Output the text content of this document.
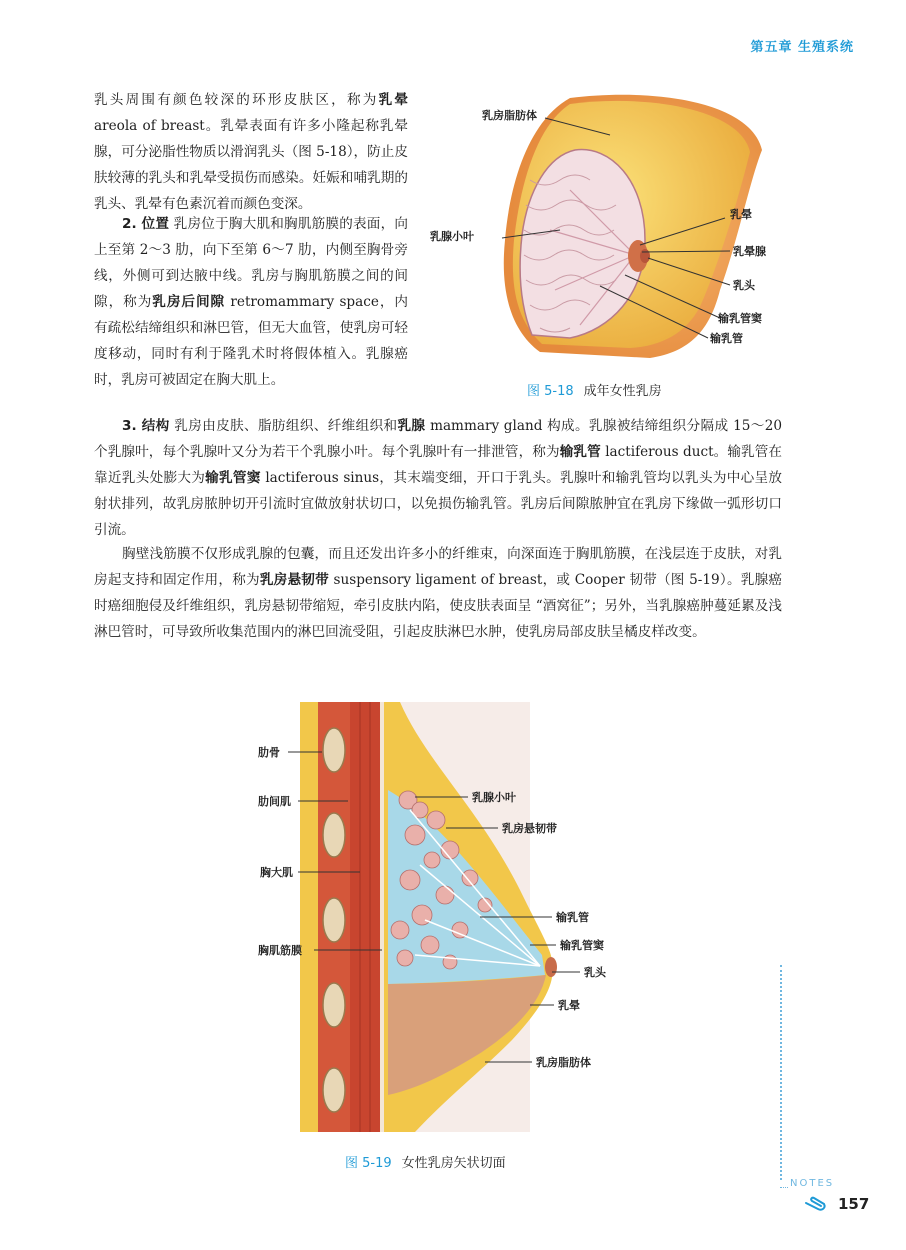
第五章 生殖系统

乳头周围有颜色较深的环形皮肤区，称为乳晕 areola of breast。乳晕表面有许多小隆起称乳晕腺，可分泌脂性物质以滑润乳头（图 5-18），防止皮肤较薄的乳头和乳晕受损伤而感染。妊娠和哺乳期的乳头、乳晕有色素沉着而颜色变深。

2. 位置 乳房位于胸大肌和胸肌筋膜的表面，向上至第 2～3 肋，向下至第 6～7 肋，内侧至胸骨旁线，外侧可到达腋中线。乳房与胸肌筋膜之间的间隙，称为乳房后间隙 retromammary space，内有疏松结缔组织和淋巴管，但无大血管，使乳房可轻度移动，同时有利于隆乳术时将假体植入。乳腺癌时，乳房可被固定在胸大肌上。

3. 结构 乳房由皮肤、脂肪组织、纤维组织和乳腺 mammary gland 构成。乳腺被结缔组织分隔成 15～20 个乳腺叶，每个乳腺叶又分为若干个乳腺小叶。每个乳腺叶有一排泄管，称为输乳管 lactiferous duct。输乳管在靠近乳头处膨大为输乳管窦 lactiferous sinus，其末端变细，开口于乳头。乳腺叶和输乳管均以乳头为中心呈放射状排列，故乳房脓肿切开引流时宜做放射状切口，以免损伤输乳管。乳房后间隙脓肿宜在乳房下缘做一弧形切口引流。

胸壁浅筋膜不仅形成乳腺的包囊，而且还发出许多小的纤维束，向深面连于胸肌筋膜，在浅层连于皮肤，对乳房起支持和固定作用，称为乳房悬韧带 suspensory ligament of breast，或 Cooper 韧带（图 5-19）。乳腺癌时癌细胞侵及纤维组织，乳房悬韧带缩短，牵引皮肤内陷，使皮肤表面呈 “酒窝征”；另外，当乳腺癌肿蔓延累及浅淋巴管时，可导致所收集范围内的淋巴回流受阻，引起皮肤淋巴水肿，使乳房局部皮肤呈橘皮样改变。

乳房脂肪体
乳腺小叶
乳晕
乳晕腺
乳头
输乳管窦
输乳管
图 5-18 成年女性乳房
肋骨
肋间肌
胸大肌
胸肌筋膜
乳腺小叶
乳房悬韧带
输乳管
输乳管窦
乳头
乳晕
乳房脂肪体
图 5-19 女性乳房矢状切面
NOTES
157
